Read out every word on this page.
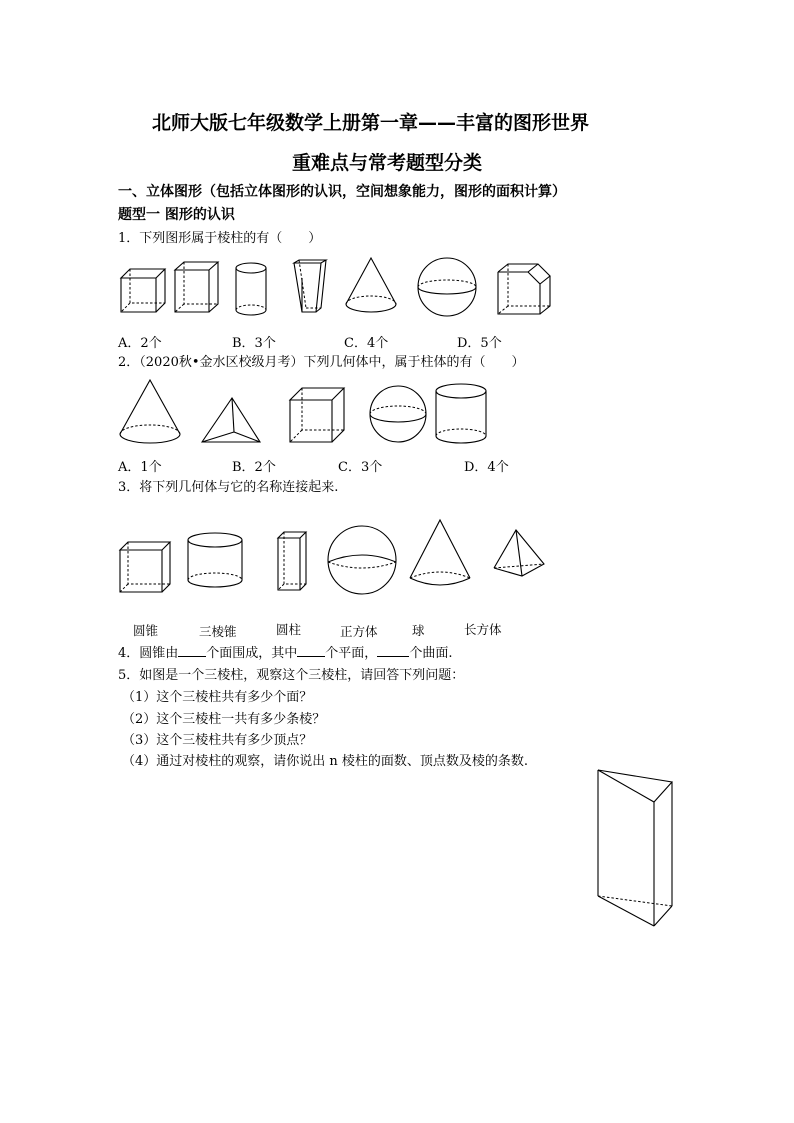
北师大版七年级数学上册第一章——丰富的图形世界
重难点与常考题型分类
一、立体图形（包括立体图形的认识，空间想象能力，图形的面积计算）
题型一 图形的认识
1．下列图形属于棱柱的有（　　）
A．2个	B．3个	C．4个	D．5个
2．（2020秋•金水区校级月考）下列几何体中，属于柱体的有（　　）
A．1个	B．2个	C．3个	D．4个
3．将下列几何体与它的名称连接起来.
圆锥	三棱锥	圆柱	正方体	球	长方体
4．圆锥由 个面围成，其中 个平面， 个曲面.
5．如图是一个三棱柱，观察这个三棱柱，请回答下列问题：
（1）这个三棱柱共有多少个面？
（2）这个三棱柱一共有多少条棱？
（3）这个三棱柱共有多少顶点？
（4）通过对棱柱的观察，请你说出 n 棱柱的面数、顶点数及棱的条数.
